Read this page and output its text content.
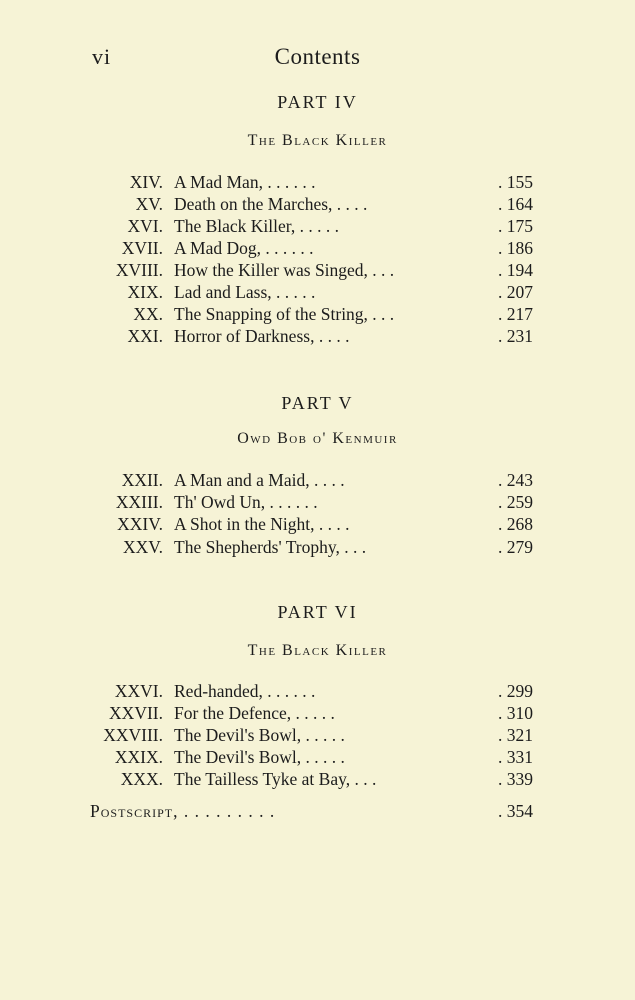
vi	Contents
PART IV
The Black Killer
XIV. A Mad Man, . . . . . .	. 155
XV. Death on the Marches, . . . .	. 164
XVI. The Black Killer, . . . . .	. 175
XVII. A Mad Dog, . . . . . .	. 186
XVIII. How the Killer was Singed, . . .	. 194
XIX. Lad and Lass, . . . . .	. 207
XX. The Snapping of the String, . . .	. 217
XXI. Horror of Darkness, . . . .	. 231
PART V
Owd Bob o' Kenmuir
XXII. A Man and a Maid, . . . .	. 243
XXIII. Th' Owd Un, . . . . . .	. 259
XXIV. A Shot in the Night, . . . .	. 268
XXV. The Shepherds' Trophy, . . .	. 279
PART VI
The Black Killer
XXVI. Red-handed, . . . . . .	. 299
XXVII. For the Defence, . . . . .	. 310
XXVIII. The Devil's Bowl, . . . . .	. 321
XXIX. The Devil's Bowl, . . . . .	. 331
XXX. The Tailless Tyke at Bay, . . .	. 339
Postscript, . . . . . . . . .	. 354
